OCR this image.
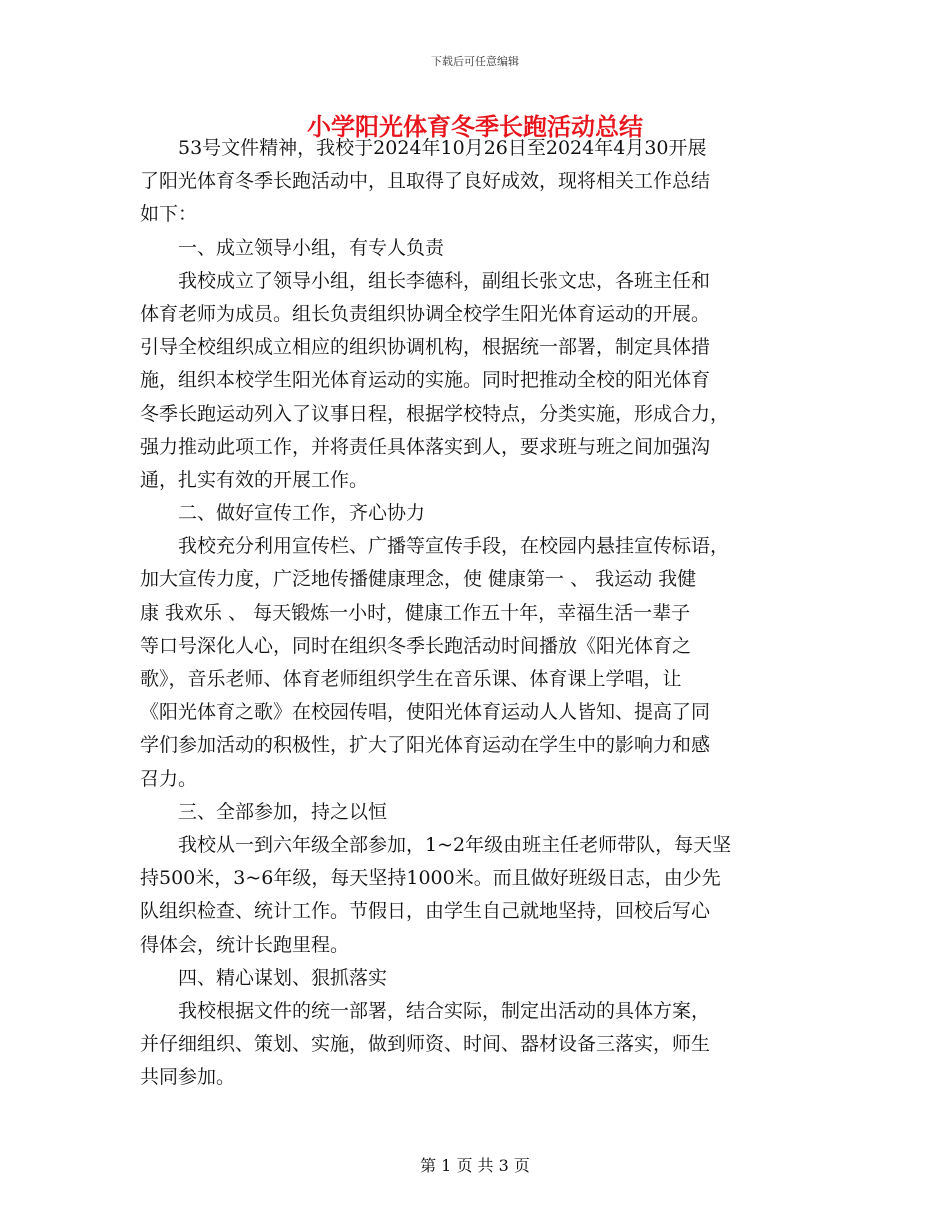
下载后可任意编辑
小学阳光体育冬季长跑活动总结
　　53号文件精神，我校于2024年10月26日至2024年4月30开展
了阳光体育冬季长跑活动中，且取得了良好成效，现将相关工作总结
如下：
　　一、成立领导小组，有专人负责
　　我校成立了领导小组，组长李德科，副组长张文忠，各班主任和
体育老师为成员。组长负责组织协调全校学生阳光体育运动的开展。
引导全校组织成立相应的组织协调机构，根据统一部署，制定具体措
施，组织本校学生阳光体育运动的实施。同时把推动全校的阳光体育
冬季长跑运动列入了议事日程，根据学校特点，分类实施，形成合力，
强力推动此项工作，并将责任具体落实到人，要求班与班之间加强沟
通，扎实有效的开展工作。
　　二、做好宣传工作，齐心协力
　　我校充分利用宣传栏、广播等宣传手段，在校园内悬挂宣传标语，
加大宣传力度，广泛地传播健康理念，使 健康第一 、 我运动 我健
康 我欢乐 、 每天锻炼一小时，健康工作五十年，幸福生活一辈子
等口号深化人心，同时在组织冬季长跑活动时间播放《阳光体育之
歌》，音乐老师、体育老师组织学生在音乐课、体育课上学唱，让
《阳光体育之歌》在校园传唱，使阳光体育运动人人皆知、提高了同
学们参加活动的积极性，扩大了阳光体育运动在学生中的影响力和感
召力。
　　三、全部参加，持之以恒
　　我校从一到六年级全部参加，1~2年级由班主任老师带队，每天坚
持500米，3~6年级，每天坚持1000米。而且做好班级日志，由少先
队组织检查、统计工作。节假日，由学生自己就地坚持，回校后写心
得体会，统计长跑里程。
　　四、精心谋划、狠抓落实
　　我校根据文件的统一部署，结合实际，制定出活动的具体方案，
并仔细组织、策划、实施，做到师资、时间、器材设备三落实，师生
共同参加。
第 1 页 共 3 页
